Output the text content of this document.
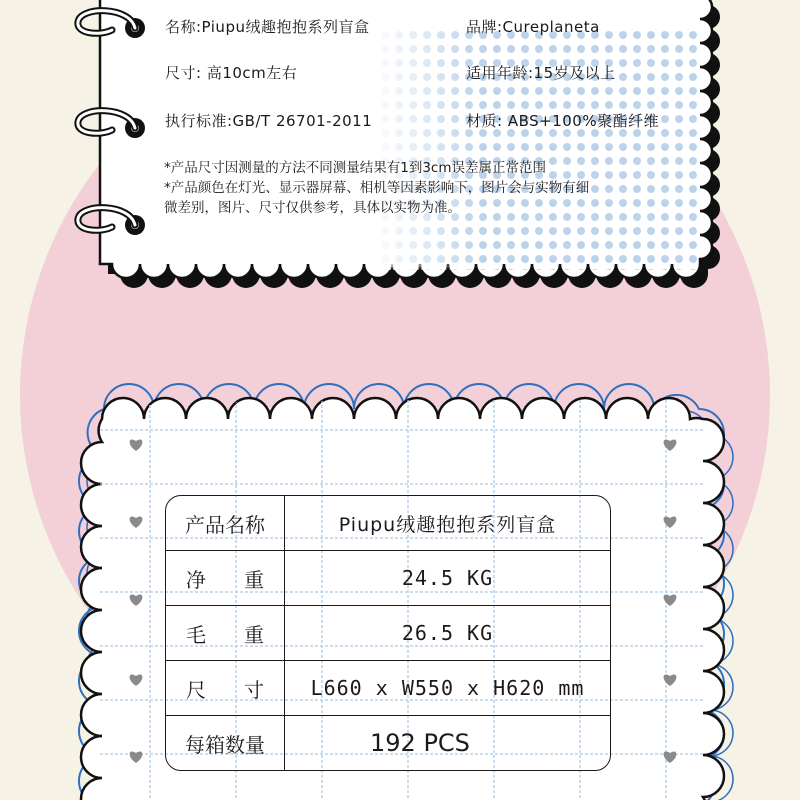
名称:Piupu绒趣抱抱系列盲盒	品牌:Cureplaneta
尺寸: 高10cm左右	适用年龄:15岁及以上
执行标准:GB/T 26701-2011	材质: ABS+100%聚酯纤维
*产品尺寸因测量的方法不同测量结果有1到3cm误差属正常范围
*产品颜色在灯光、显示器屏幕、相机等因素影响下，图片会与实物有细
微差别，图片、尺寸仅供参考，具体以实物为准。
产品名称	Piupu绒趣抱抱系列盲盒

净 重	24.5 KG

毛 重	26.5 KG

尺 寸	L660 x W550 x H620 mm
每箱数量	192 PCS
